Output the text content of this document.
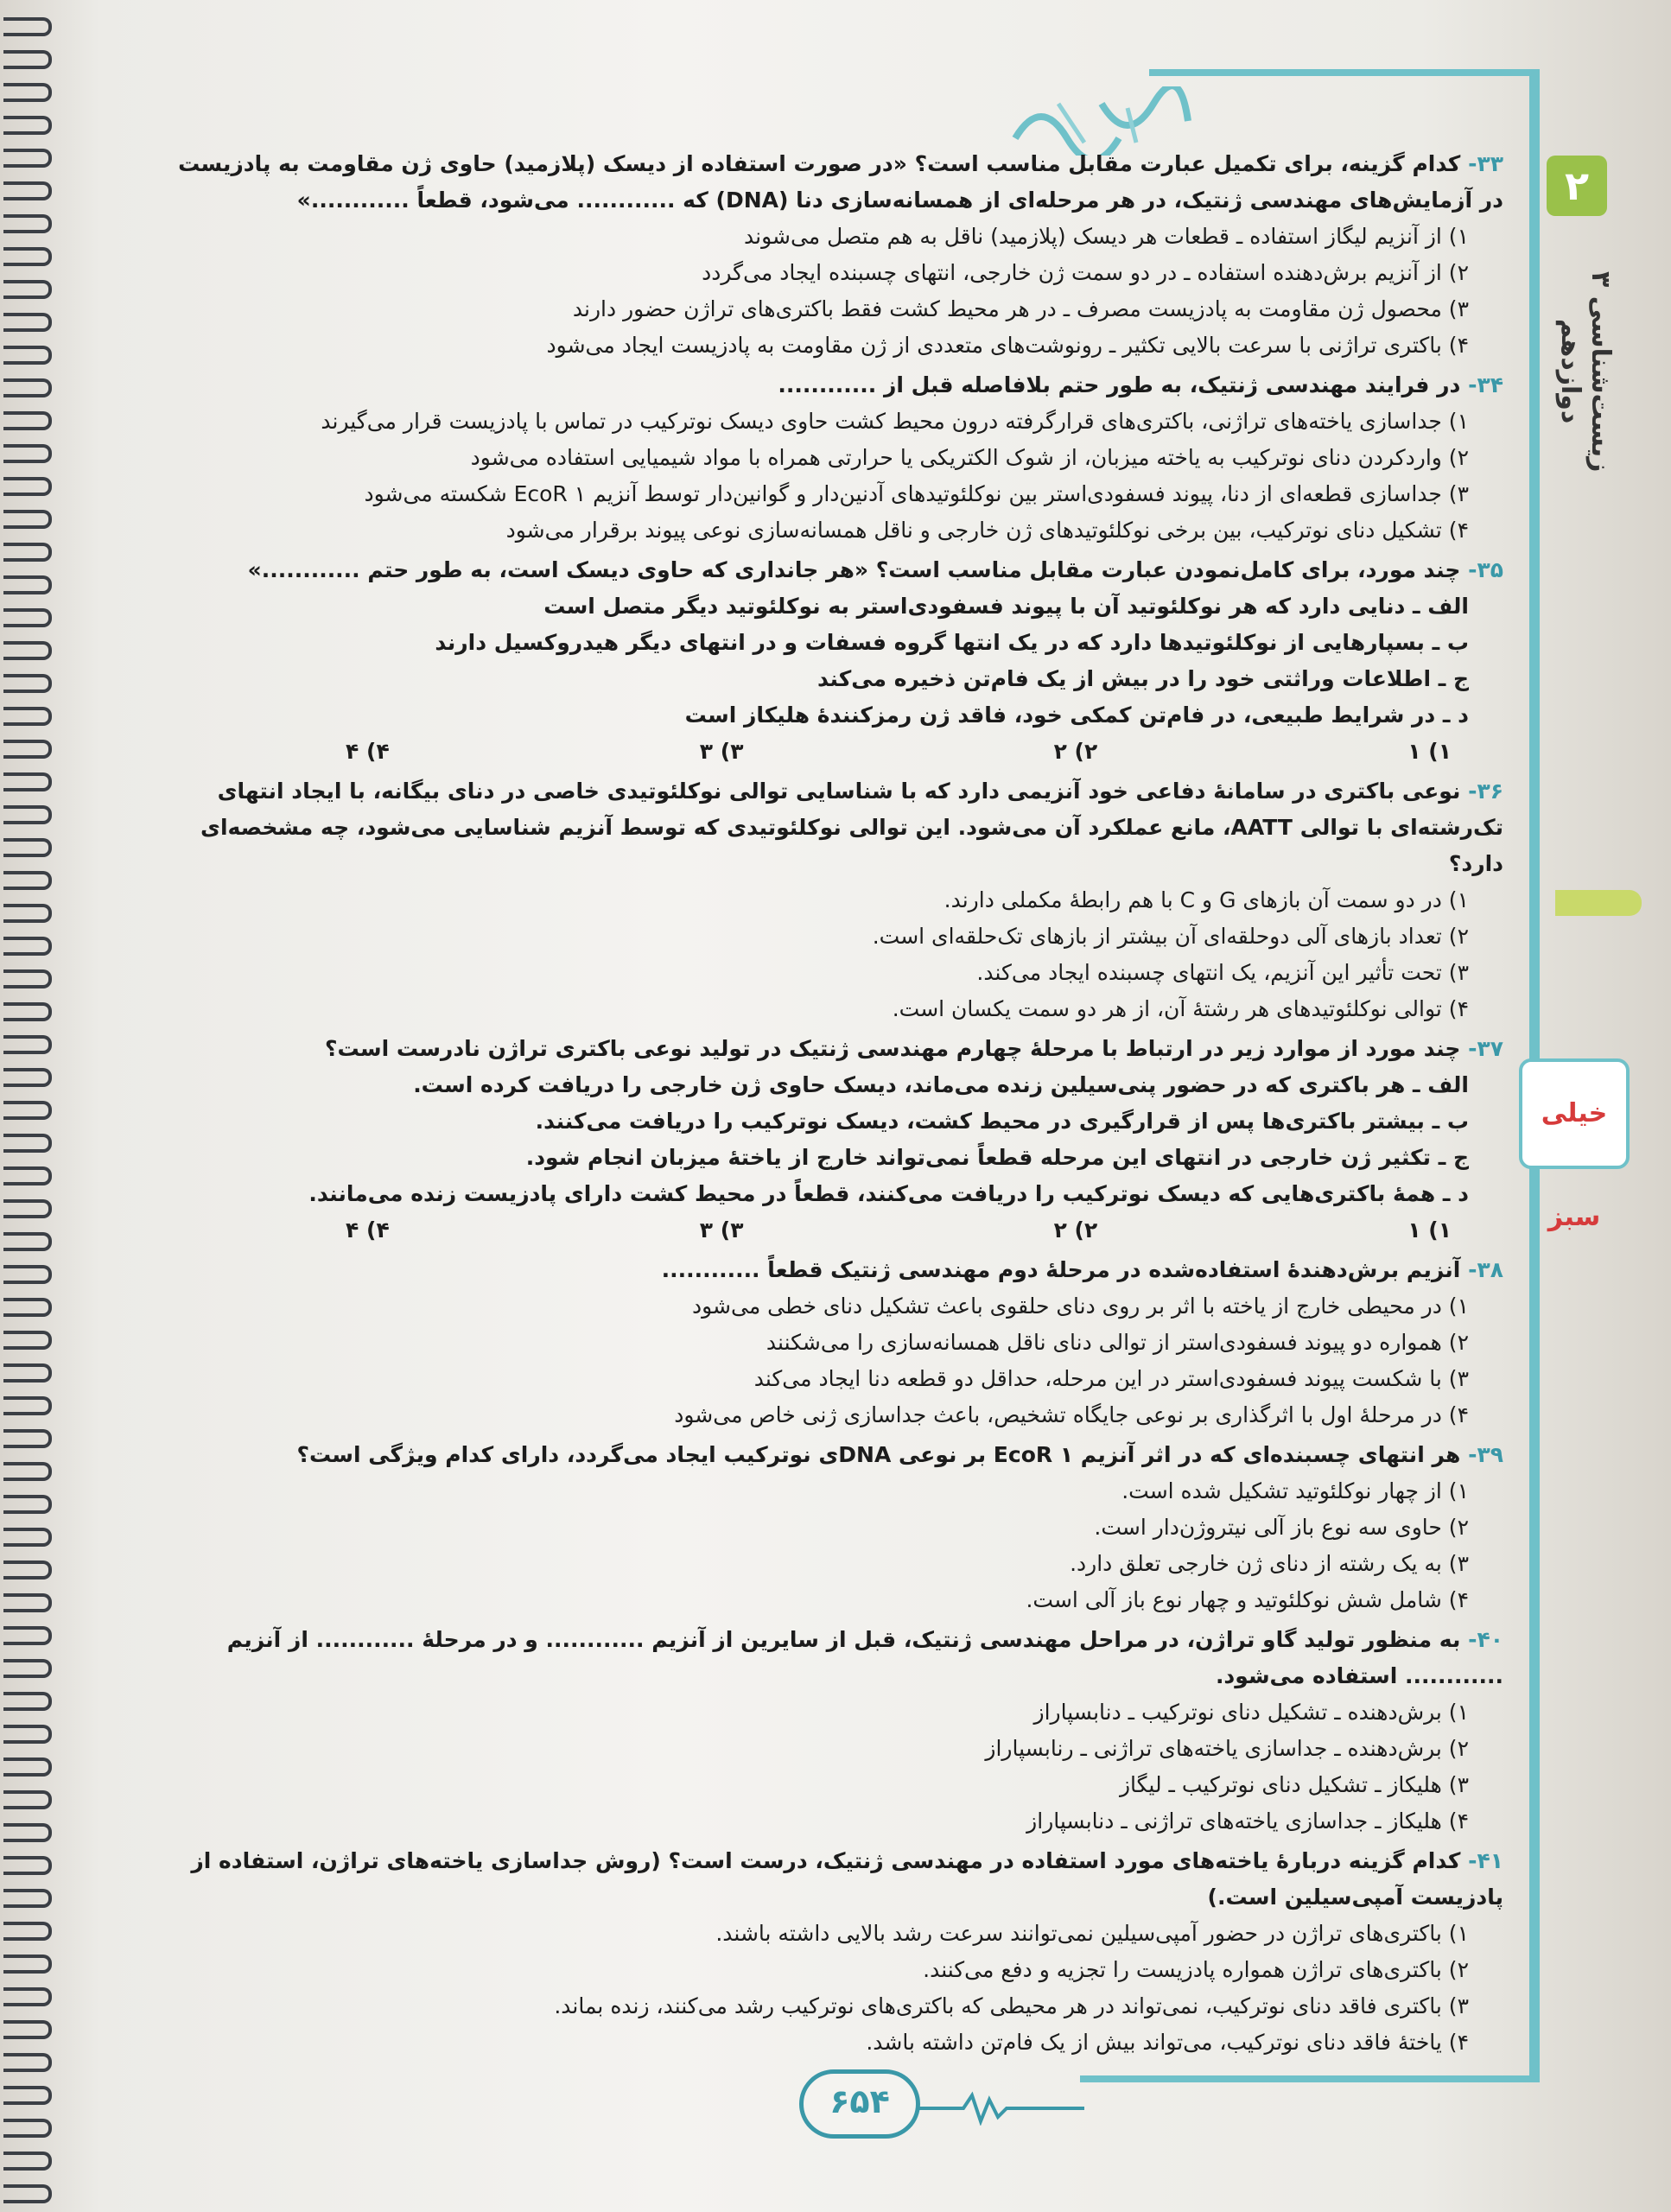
۲
زیست‌شناسی ۳ دوازدهم
خیلی سبز
۳۳- کدام گزینه، برای تکمیل عبارت مقابل مناسب است؟ «در صورت استفاده از دیسک (پلازمید) حاوی ژن مقاومت به پادزیست در آزمایش‌های مهندسی ژنتیک، در هر مرحله‌ای از همسانه‌سازی دنا (DNA) که ............ می‌شود، قطعاً ............»
۱) از آنزیم لیگاز استفاده ـ قطعات هر دیسک (پلازمید) ناقل به هم متصل می‌شوند
۲) از آنزیم برش‌دهنده استفاده ـ در دو سمت ژن خارجی، انتهای چسبنده ایجاد می‌گردد
۳) محصول ژن مقاومت به پادزیست مصرف ـ در هر محیط کشت فقط باکتری‌های تراژن حضور دارند
۴) باکتری تراژنی با سرعت بالایی تکثیر ـ رونوشت‌های متعددی از ژن مقاومت به پادزیست ایجاد می‌شود
۳۴- در فرایند مهندسی ژنتیک، به طور حتم بلافاصله قبل از ............
۱) جداسازی یاخته‌های تراژنی، باکتری‌های قرارگرفته درون محیط کشت حاوی دیسک نوترکیب در تماس با پادزیست قرار می‌گیرند
۲) واردکردن دنای نوترکیب به یاخته میزبان، از شوک الکتریکی یا حرارتی همراه با مواد شیمیایی استفاده می‌شود
۳) جداسازی قطعه‌ای از دنا، پیوند فسفودی‌استر بین نوکلئوتیدهای آدنین‌دار و گوانین‌دار توسط آنزیم EcoR ۱ شکسته می‌شود
۴) تشکیل دنای نوترکیب، بین برخی نوکلئوتیدهای ژن خارجی و ناقل همسانه‌سازی نوعی پیوند برقرار می‌شود
۳۵- چند مورد، برای کامل‌نمودن عبارت مقابل مناسب است؟ «هر جانداری که حاوی دیسک است، به طور حتم ............»
الف ـ دنایی دارد که هر نوکلئوتید آن با پیوند فسفودی‌استر به نوکلئوتید دیگر متصل است
ب ـ بسپارهایی از نوکلئوتیدها دارد که در یک انتها گروه فسفات و در انتهای دیگر هیدروکسیل دارند
ج ـ اطلاعات وراثتی خود را در بیش از یک فام‌تن ذخیره می‌کند
د ـ در شرایط طبیعی، در فام‌تن کمکی خود، فاقد ژن رمزکنندهٔ هلیکاز است
۱) ۱
۲) ۲
۳) ۳
۴) ۴
۳۶- نوعی باکتری در سامانهٔ دفاعی خود آنزیمی دارد که با شناسایی توالی نوکلئوتیدی خاصی در دنای بیگانه، با ایجاد انتهای تک‌رشته‌ای با توالی AATT، مانع عملکرد آن می‌شود. این توالی نوکلئوتیدی که توسط آنزیم شناسایی می‌شود، چه مشخصه‌ای دارد؟
۱) در دو سمت آن بازهای G و C با هم رابطهٔ مکملی دارند.
۲) تعداد بازهای آلی دوحلقه‌ای آن بیشتر از بازهای تک‌حلقه‌ای است.
۳) تحت تأثیر این آنزیم، یک انتهای چسبنده ایجاد می‌کند.
۴) توالی نوکلئوتیدهای هر رشتهٔ آن، از هر دو سمت یکسان است.
۳۷- چند مورد از موارد زیر در ارتباط با مرحلهٔ چهارم مهندسی ژنتیک در تولید نوعی باکتری تراژن نادرست است؟
الف ـ هر باکتری که در حضور پنی‌سیلین زنده می‌ماند، دیسک حاوی ژن خارجی را دریافت کرده است.
ب ـ بیشتر باکتری‌ها پس از قرارگیری در محیط کشت، دیسک نوترکیب را دریافت می‌کنند.
ج ـ تکثیر ژن خارجی در انتهای این مرحله قطعاً نمی‌تواند خارج از یاختهٔ میزبان انجام شود.
د ـ همهٔ باکتری‌هایی که دیسک نوترکیب را دریافت می‌کنند، قطعاً در محیط کشت دارای پادزیست زنده می‌مانند.
۱) ۱
۲) ۲
۳) ۳
۴) ۴
۳۸- آنزیم برش‌دهندهٔ استفاده‌شده در مرحلهٔ دوم مهندسی ژنتیک قطعاً ............
۱) در محیطی خارج از یاخته با اثر بر روی دنای حلقوی باعث تشکیل دنای خطی می‌شود
۲) همواره دو پیوند فسفودی‌استر از توالی دنای ناقل همسانه‌سازی را می‌شکنند
۳) با شکست پیوند فسفودی‌استر در این مرحله، حداقل دو قطعه دنا ایجاد می‌کند
۴) در مرحلهٔ اول با اثرگذاری بر نوعی جایگاه تشخیص، باعث جداسازی ژنی خاص می‌شود
۳۹- هر انتهای چسبنده‌ای که در اثر آنزیم EcoR ۱ بر نوعی DNAی نوترکیب ایجاد می‌گردد، دارای کدام ویژگی است؟
۱) از چهار نوکلئوتید تشکیل شده است.
۲) حاوی سه نوع باز آلی نیتروژن‌دار است.
۳) به یک رشته از دنای ژن خارجی تعلق دارد.
۴) شامل شش نوکلئوتید و چهار نوع باز آلی است.
۴۰- به منظور تولید گاو تراژن، در مراحل مهندسی ژنتیک، قبل از سایرین از آنزیم ............ و در مرحلهٔ ............ از آنزیم ............ استفاده می‌شود.
۱) برش‌دهنده ـ تشکیل دنای نوترکیب ـ دنابسپاراز
۲) برش‌دهنده ـ جداسازی یاخته‌های تراژنی ـ رنابسپاراز
۳) هلیکاز ـ تشکیل دنای نوترکیب ـ لیگاز
۴) هلیکاز ـ جداسازی یاخته‌های تراژنی ـ دنابسپاراز
۴۱- کدام گزینه دربارهٔ یاخته‌های مورد استفاده در مهندسی ژنتیک، درست است؟ (روش جداسازی یاخته‌های تراژن، استفاده از پادزیست آمپی‌سیلین است.)
۱) باکتری‌های تراژن در حضور آمپی‌سیلین نمی‌توانند سرعت رشد بالایی داشته باشند.
۲) باکتری‌های تراژن همواره پادزیست را تجزیه و دفع می‌کنند.
۳) باکتری فاقد دنای نوترکیب، نمی‌تواند در هر محیطی که باکتری‌های نوترکیب رشد می‌کنند، زنده بماند.
۴) یاختهٔ فاقد دنای نوترکیب، می‌تواند بیش از یک فام‌تن داشته باشد.
۶۵۴
